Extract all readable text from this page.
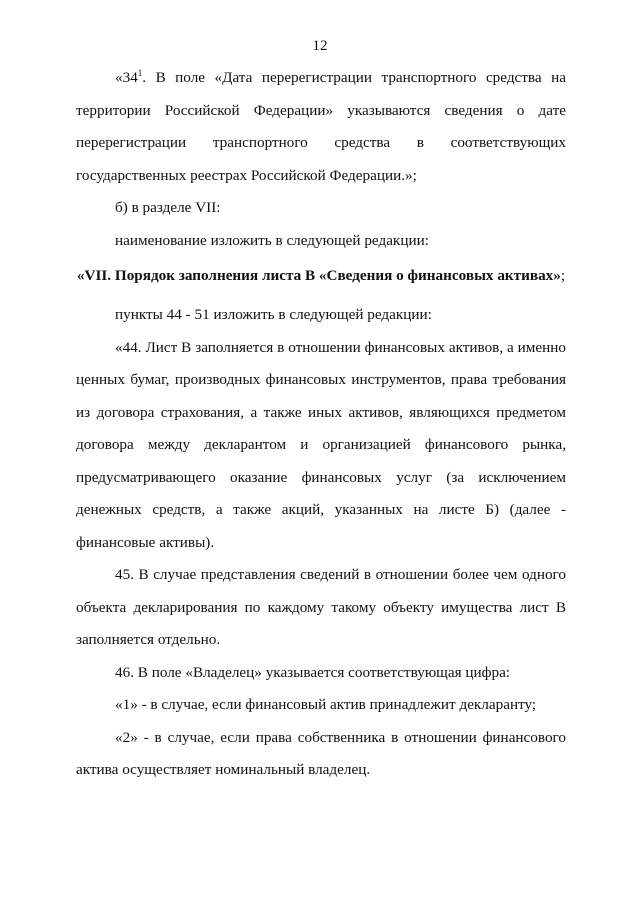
12

«$34^1$. В поле «Дата перерегистрации транспортного средства на территории Российской Федерации» указываются сведения о дате перерегистрации транспортного средства в соответствующих государственных реестрах Российской Федерации.»;

б) в разделе VII:

наименование изложить в следующей редакции:

«VII. Порядок заполнения листа В «Сведения о финансовых активах»;

пункты 44 - 51 изложить в следующей редакции:

«44. Лист В заполняется в отношении финансовых активов, а именно ценных бумаг, производных финансовых инструментов, права требования из договора страхования, а также иных активов, являющихся предметом договора между декларантом и организацией финансового рынка, предусматривающего оказание финансовых услуг (за исключением денежных средств, а также акций, указанных на листе Б) (далее - финансовые активы).

45. В случае представления сведений в отношении более чем одного объекта декларирования по каждому такому объекту имущества лист В заполняется отдельно.

46. В поле «Владелец» указывается соответствующая цифра:

«1» - в случае, если финансовый актив принадлежит декларанту;

«2» - в случае, если права собственника в отношении финансового актива осуществляет номинальный владелец.
